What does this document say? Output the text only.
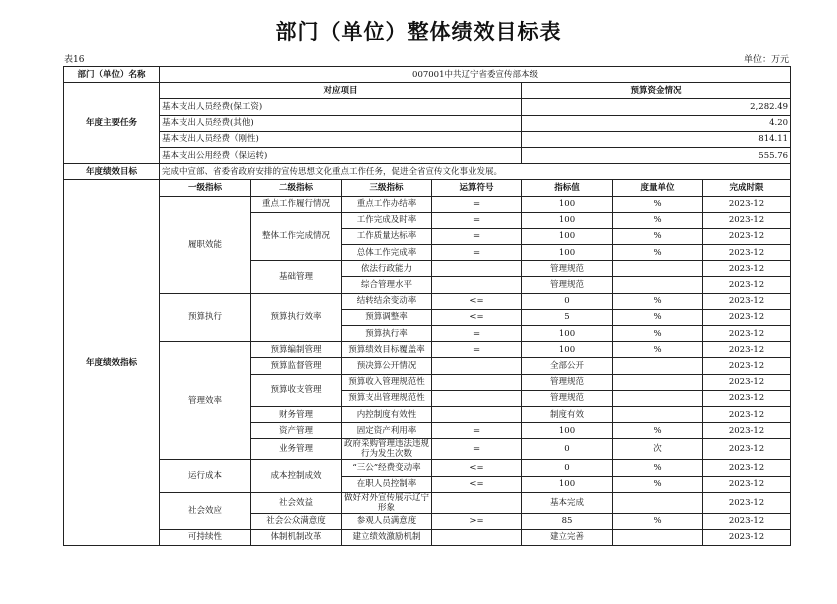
部门（单位）整体绩效目标表
表16	单位：万元
部门（单位）名称	007001中共辽宁省委宣传部本级						
年度主要任务	对应项目				预算资金情况		
	基本支出人员经费(保工资)				2,282.49		
	基本支出人员经费(其他)				4.20		
	基本支出人员经费（刚性)				814.11		
	基本支出公用经费（保运转)				555.76		
年度绩效目标	完成中宣部、省委省政府安排的宣传思想文化重点工作任务，促进全省宣传文化事业发展。						
年度绩效指标	一级指标	二级指标	三级指标	运算符号	指标值	度量单位	完成时限
	履职效能	重点工作履行情况	重点工作办结率	=	100	%	2023-12
		整体工作完成情况	工作完成及时率	=	100	%	2023-12
			工作质量达标率	=	100	%	2023-12
			总体工作完成率	=	100	%	2023-12
		基础管理	依法行政能力		管理规范		2023-12
			综合管理水平		管理规范		2023-12
	预算执行	预算执行效率	结转结余变动率	<=	0	%	2023-12
			预算调整率	<=	5	%	2023-12
			预算执行率	=	100	%	2023-12
	管理效率	预算编制管理	预算绩效目标覆盖率	=	100	%	2023-12
		预算监督管理	预决算公开情况		全部公开		2023-12
		预算收支管理	预算收入管理规范性		管理规范		2023-12
			预算支出管理规范性		管理规范		2023-12
		财务管理	内控制度有效性		制度有效		2023-12
		资产管理	固定资产利用率	=	100	%	2023-12
		业务管理	政府采购管理违法违规行为发生次数	=	0	次	2023-12
	运行成本	成本控制成效	“三公”经费变动率	<=	0	%	2023-12
			在职人员控制率	<=	100	%	2023-12
	社会效应	社会效益	做好对外宣传展示辽宁形象		基本完成		2023-12
		社会公众满意度	参观人员满意度	>=	85	%	2023-12
	可持续性	体制机制改革	建立绩效激励机制		建立完善		2023-12
